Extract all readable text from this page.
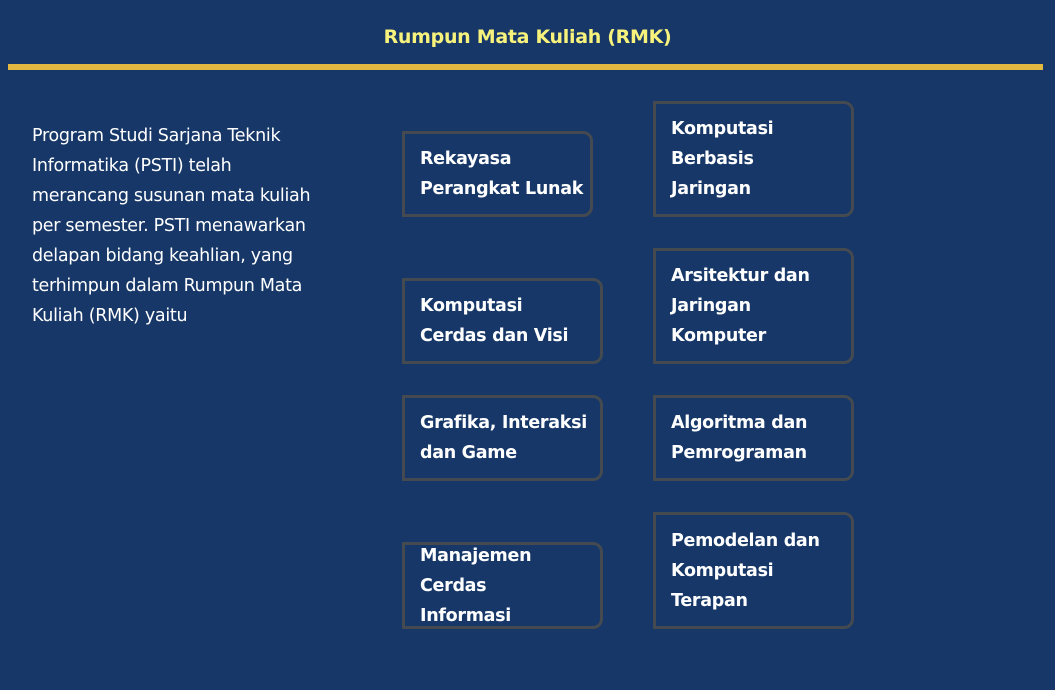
Rumpun Mata Kuliah (RMK)
Program Studi Sarjana Teknik Informatika (PSTI) telah merancang susunan mata kuliah per semester. PSTI menawarkan delapan bidang keahlian, yang terhimpun dalam Rumpun Mata Kuliah (RMK) yaitu
Rekayasa Perangkat Lunak
Komputasi Berbasis Jaringan
Komputasi Cerdas dan Visi
Arsitektur dan Jaringan Komputer
Grafika, Interaksi dan Game
Algoritma dan Pemrograman
Manajemen Cerdas Informasi
Pemodelan dan Komputasi Terapan
